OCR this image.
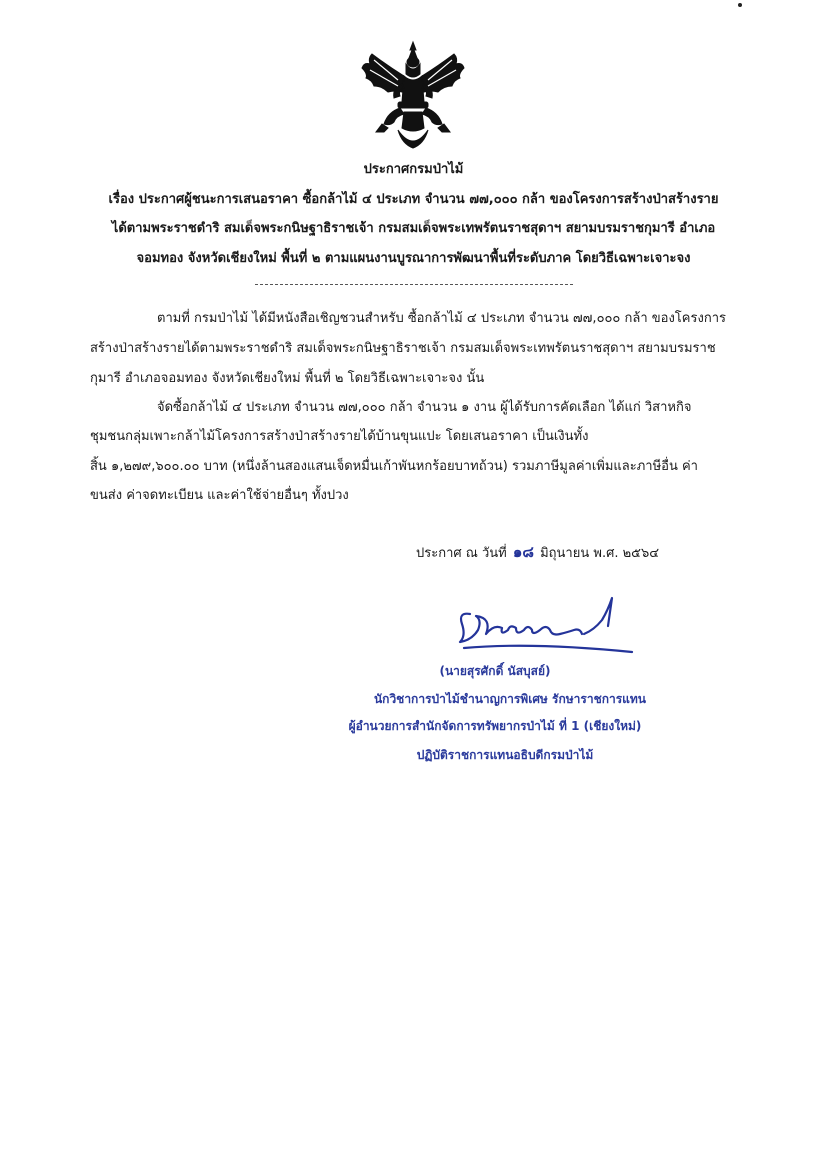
ประกาศกรมป่าไม้
เรื่อง ประกาศผู้ชนะการเสนอราคา ซื้อกล้าไม้ ๔ ประเภท จำนวน ๗๗,๐๐๐ กล้า ของโครงการสร้างป่าสร้างราย
ได้ตามพระราชดำริ สมเด็จพระกนิษฐาธิราชเจ้า กรมสมเด็จพระเทพรัตนราชสุดาฯ สยามบรมราชกุมารี อำเภอ
จอมทอง จังหวัดเชียงใหม่ พื้นที่ ๒ ตามแผนงานบูรณาการพัฒนาพื้นที่ระดับภาค โดยวิธีเฉพาะเจาะจง
ตามที่ กรมป่าไม้ ได้มีหนังสือเชิญชวนสำหรับ ซื้อกล้าไม้ ๔ ประเภท จำนวน ๗๗,๐๐๐ กล้า ของโครงการ
สร้างป่าสร้างรายได้ตามพระราชดำริ สมเด็จพระกนิษฐาธิราชเจ้า กรมสมเด็จพระเทพรัตนราชสุดาฯ สยามบรมราช
กุมารี อำเภอจอมทอง จังหวัดเชียงใหม่ พื้นที่ ๒ โดยวิธีเฉพาะเจาะจง นั้น
จัดซื้อกล้าไม้ ๔ ประเภท จำนวน ๗๗,๐๐๐ กล้า จำนวน ๑ งาน ผู้ได้รับการคัดเลือก ได้แก่ วิสาหกิจ
ชุมชนกลุ่มเพาะกล้าไม้โครงการสร้างป่าสร้างรายได้บ้านขุนแปะ โดยเสนอราคา เป็นเงินทั้ง
สิ้น ๑,๒๗๙,๖๐๐.๐๐ บาท (หนึ่งล้านสองแสนเจ็ดหมื่นเก้าพันหกร้อยบาทถ้วน) รวมภาษีมูลค่าเพิ่มและภาษีอื่น ค่า
ขนส่ง ค่าจดทะเบียน และค่าใช้จ่ายอื่นๆ ทั้งปวง
ประกาศ ณ วันที่ ๑๘ มิถุนายน พ.ศ. ๒๕๖๔
(นายสุรศักดิ์ นัสบุสย์)
นักวิชาการป่าไม้ชำนาญการพิเศษ รักษาราชการแทน
ผู้อำนวยการสำนักจัดการทรัพยากรป่าไม้ ที่ 1 (เชียงใหม่)
ปฏิบัติราชการแทนอธิบดีกรมป่าไม้
